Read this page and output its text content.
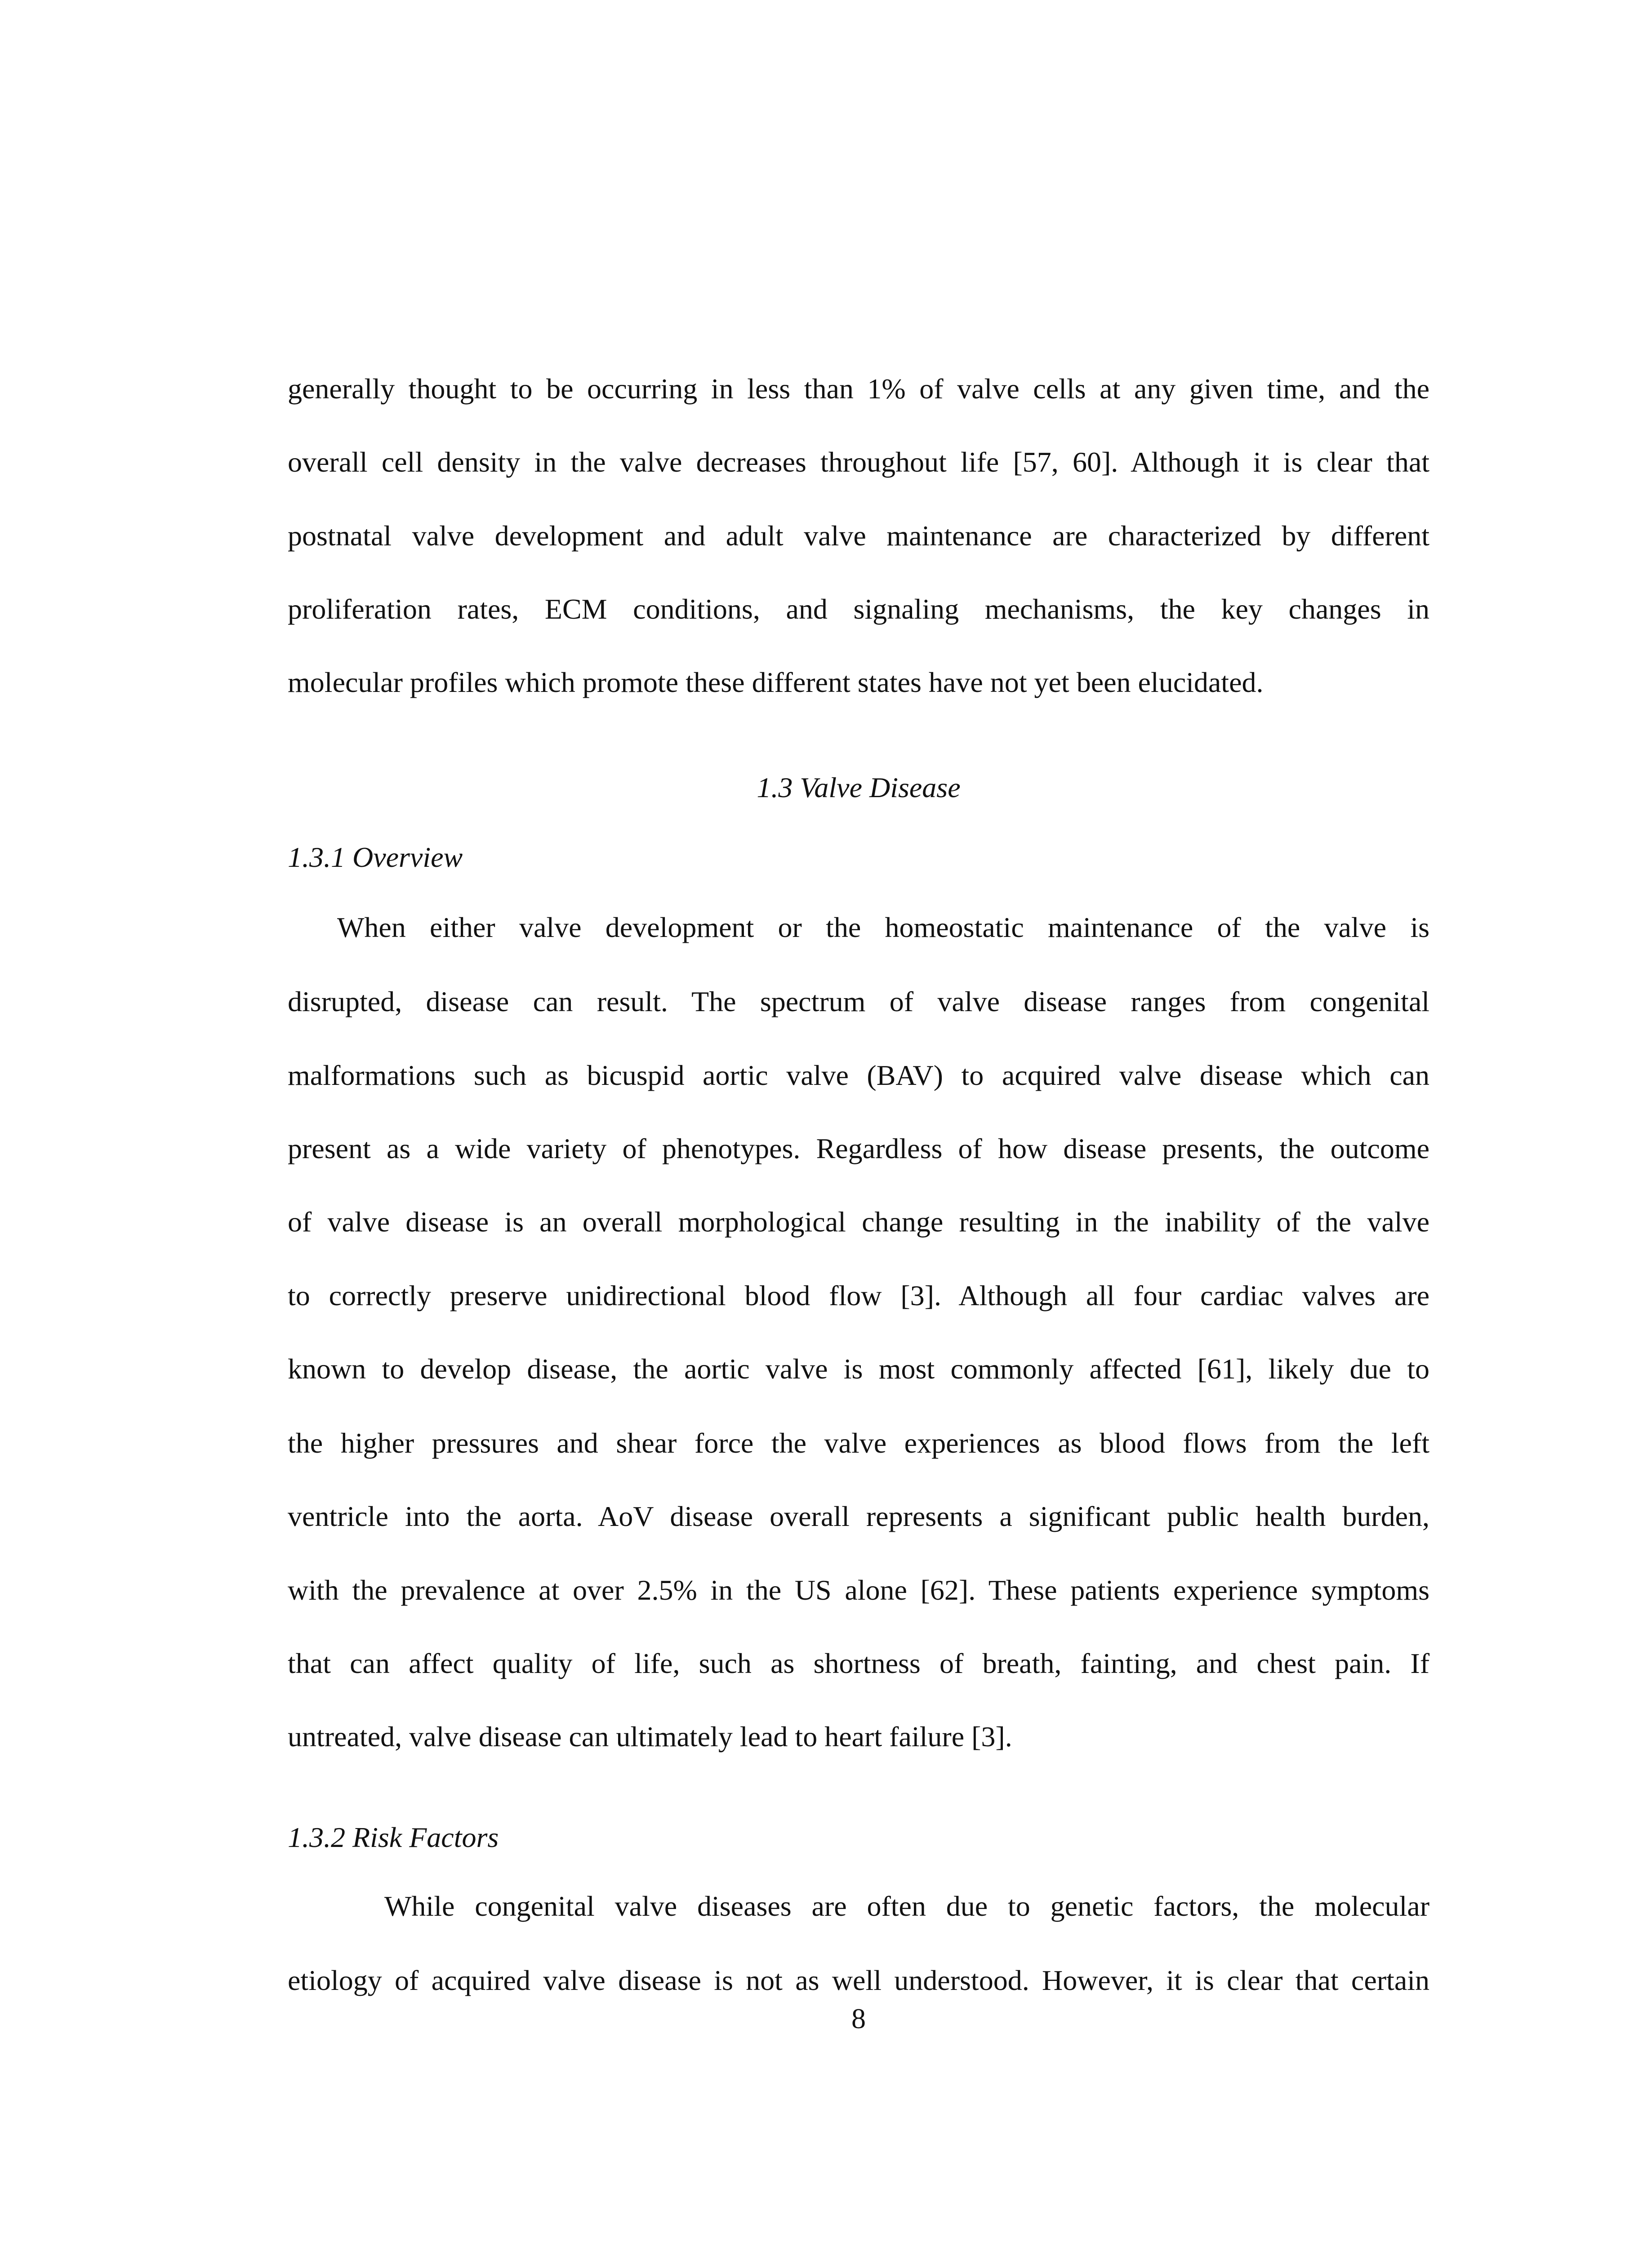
generally thought to be occurring in less than 1% of valve cells at any given time, and the
overall cell density in the valve decreases throughout life [57, 60]. Although it is clear that
postnatal valve development and adult valve maintenance are characterized by different
proliferation rates, ECM conditions, and signaling mechanisms, the key changes in
molecular profiles which promote these different states have not yet been elucidated.
1.3 Valve Disease
1.3.1 Overview
When either valve development or the homeostatic maintenance of the valve is
disrupted, disease can result. The spectrum of valve disease ranges from congenital
malformations such as bicuspid aortic valve (BAV) to acquired valve disease which can
present as a wide variety of phenotypes. Regardless of how disease presents, the outcome
of valve disease is an overall morphological change resulting in the inability of the valve
to correctly preserve unidirectional blood flow [3]. Although all four cardiac valves are
known to develop disease, the aortic valve is most commonly affected [61], likely due to
the higher pressures and shear force the valve experiences as blood flows from the left
ventricle into the aorta. AoV disease overall represents a significant public health burden,
with the prevalence at over 2.5% in the US alone [62]. These patients experience symptoms
that can affect quality of life, such as shortness of breath, fainting, and chest pain. If
untreated, valve disease can ultimately lead to heart failure [3].
1.3.2 Risk Factors
While congenital valve diseases are often due to genetic factors, the molecular
etiology of acquired valve disease is not as well understood. However, it is clear that certain
8
